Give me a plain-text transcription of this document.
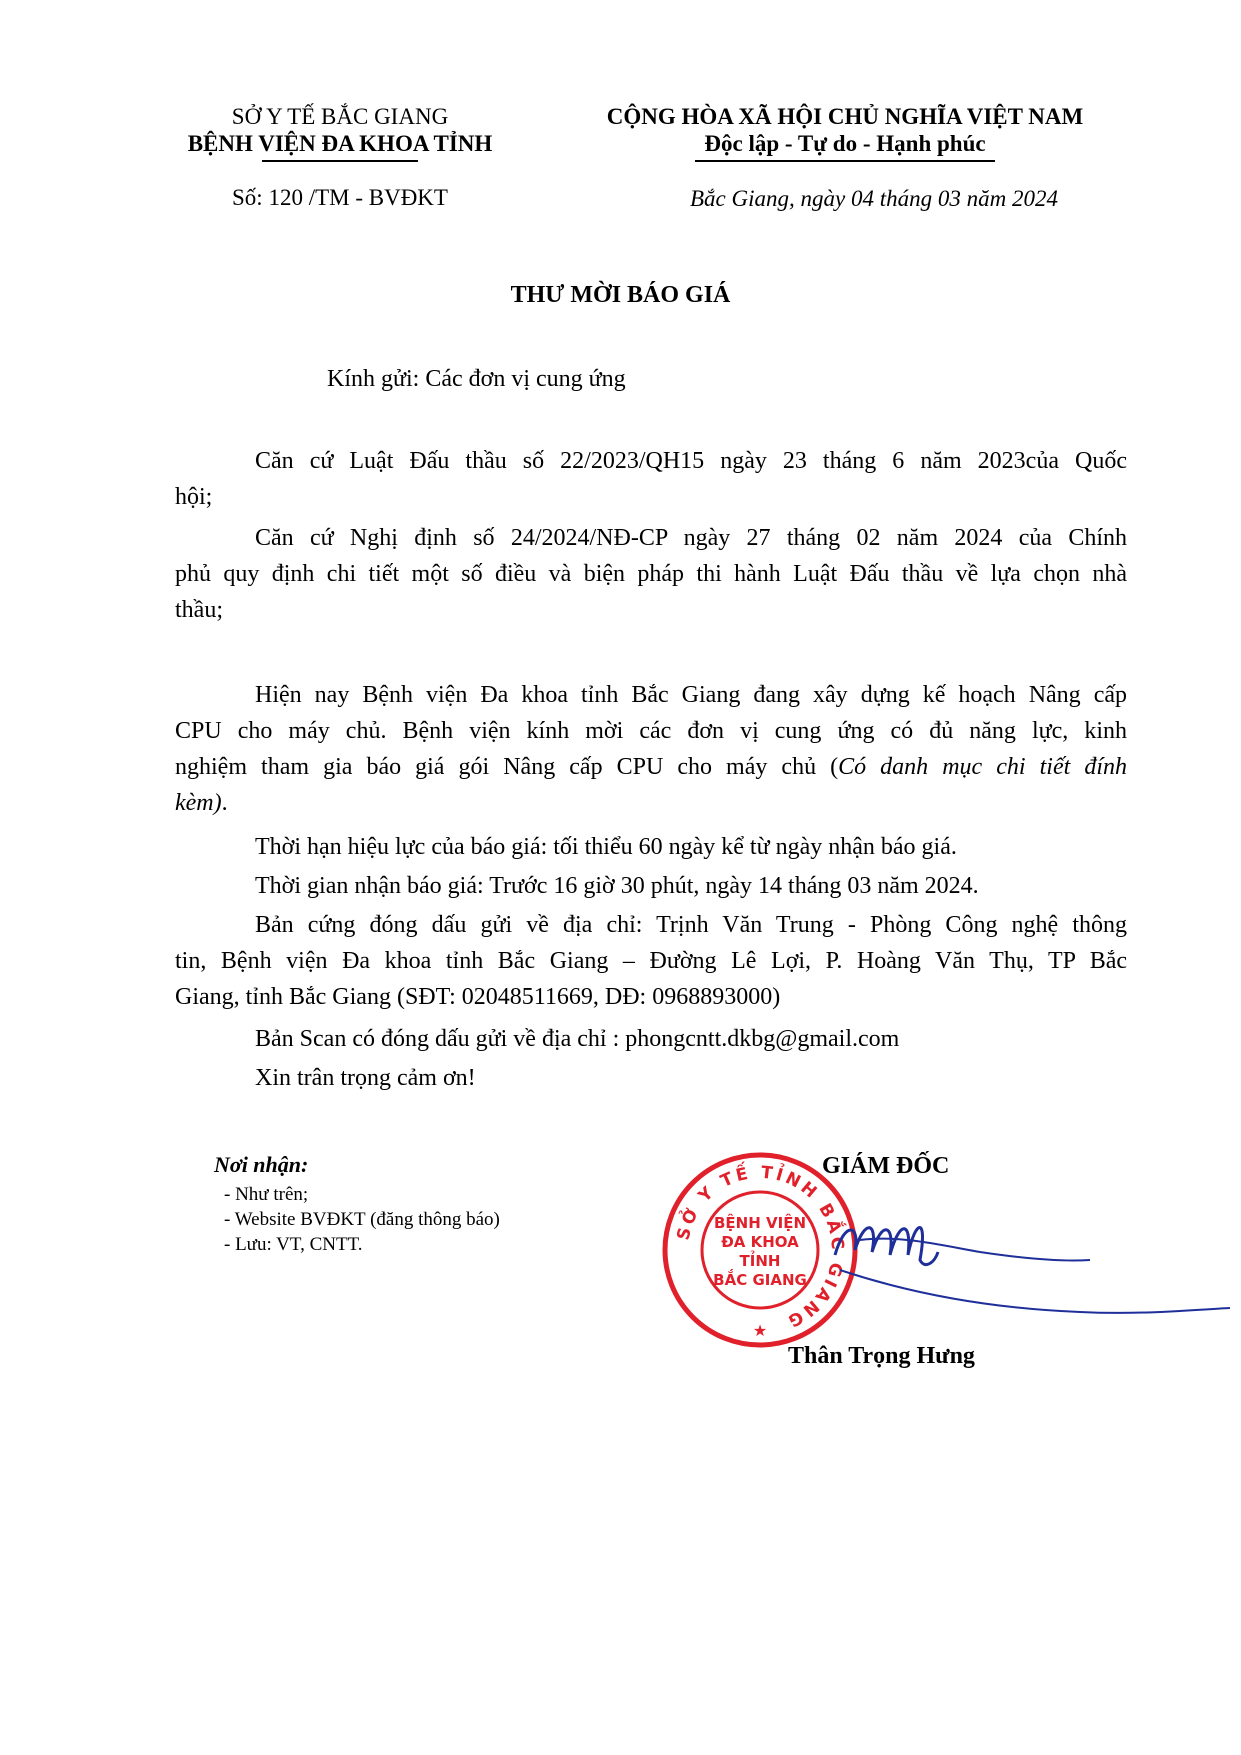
SỞ Y TẾ BẮC GIANG
BỆNH VIỆN ĐA KHOA TỈNH
Số: 120 /TM - BVĐKT
CỘNG HÒA XÃ HỘI CHỦ NGHĨA VIỆT NAM
Độc lập - Tự do - Hạnh phúc
Bắc Giang, ngày 04 tháng 03 năm 2024
THƯ MỜI BÁO GIÁ
Kính gửi: Các đơn vị cung ứng
Căn cứ Luật Đấu thầu số 22/2023/QH15 ngày 23 tháng 6 năm 2023của Quốc
hội;
Căn cứ Nghị định số 24/2024/NĐ-CP ngày 27 tháng 02 năm 2024 của Chính
phủ quy định chi tiết một số điều và biện pháp thi hành Luật Đấu thầu về lựa chọn nhà
thầu;
Hiện nay Bệnh viện Đa khoa tỉnh Bắc Giang đang xây dựng kế hoạch Nâng cấp
CPU cho máy chủ. Bệnh viện kính mời các đơn vị cung ứng có đủ năng lực, kinh
nghiệm tham gia báo giá gói Nâng cấp CPU cho máy chủ (Có danh mục chi tiết đính
kèm).
Thời hạn hiệu lực của báo giá: tối thiểu 60 ngày kể từ ngày nhận báo giá.
Thời gian nhận báo giá: Trước 16 giờ 30 phút, ngày 14 tháng 03 năm 2024.
Bản cứng đóng dấu gửi về địa chỉ: Trịnh Văn Trung - Phòng Công nghệ thông
tin, Bệnh viện Đa khoa tỉnh Bắc Giang – Đường Lê Lợi, P. Hoàng Văn Thụ, TP Bắc
Giang, tỉnh Bắc Giang (SĐT: 02048511669, DĐ: 0968893000)
Bản Scan có đóng dấu gửi về địa chỉ : phongcntt.dkbg@gmail.com
Xin trân trọng cảm ơn!
Nơi nhận:
- Như trên;
- Website BVĐKT (đăng thông báo)
- Lưu: VT, CNTT.
GIÁM ĐỐC
SỞ Y TẾ TỈNH BẮC GIANG
BỆNH VIỆN
ĐA KHOA
TỈNH
BẮC GIANG
★
Thân Trọng Hưng
